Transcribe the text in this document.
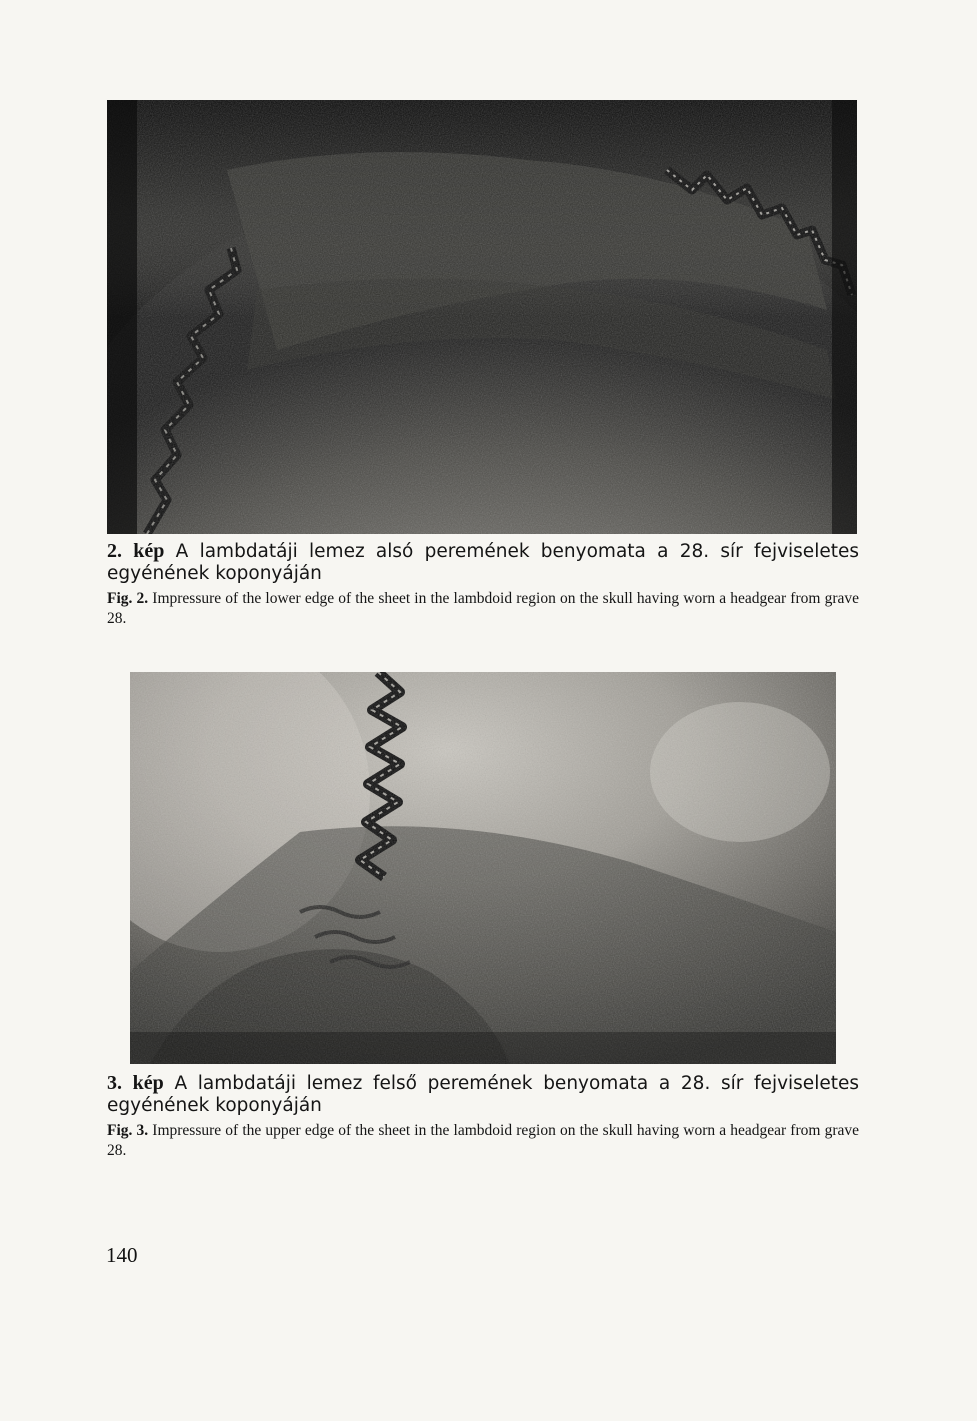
2. kép A lambdatáji lemez alsó peremének benyomata a 28. sír fejviseletes egyénének koponyáján

Fig. 2. Impressure of the lower edge of the sheet in the lambdoid region on the skull having worn a headgear from grave 28.

3. kép A lambdatáji lemez felső peremének benyomata a 28. sír fejviseletes egyénének koponyáján

Fig. 3. Impressure of the upper edge of the sheet in the lambdoid region on the skull having worn a headgear from grave 28.

140
